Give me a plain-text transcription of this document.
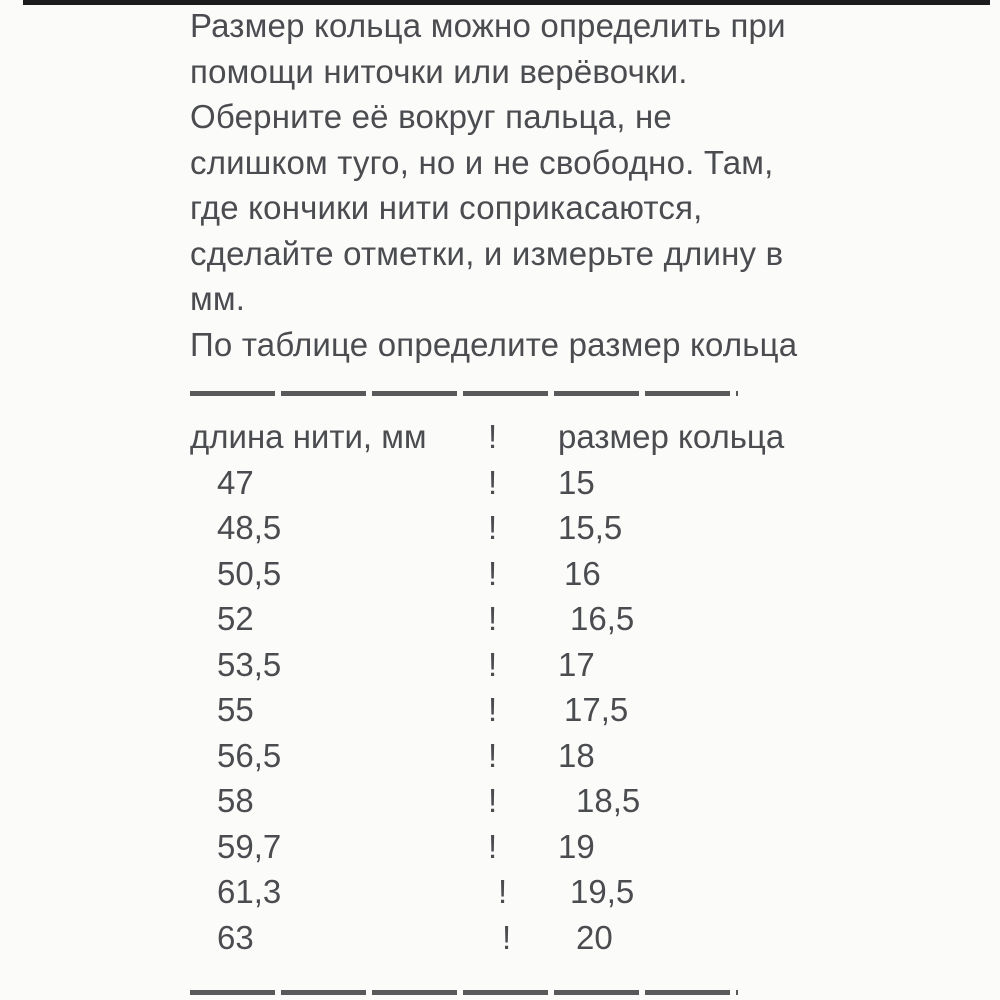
Размер кольца можно определить при
помощи ниточки или верёвочки.
Оберните её вокруг пальца, не
слишком туго, но и не свободно. Там,
где кончики нити соприкасаются,
сделайте отметки, и измерьте длину в
мм.
По таблице определите размер кольца
длина нити, мм ! размер кольца
47	! 15
48,5	! 15,5
50,5	! 16
52	! 16,5
53,5	! 17
55	! 17,5
56,5	! 18
58	! 18,5
59,7	! 19
61,3	! 19,5
63	! 20
